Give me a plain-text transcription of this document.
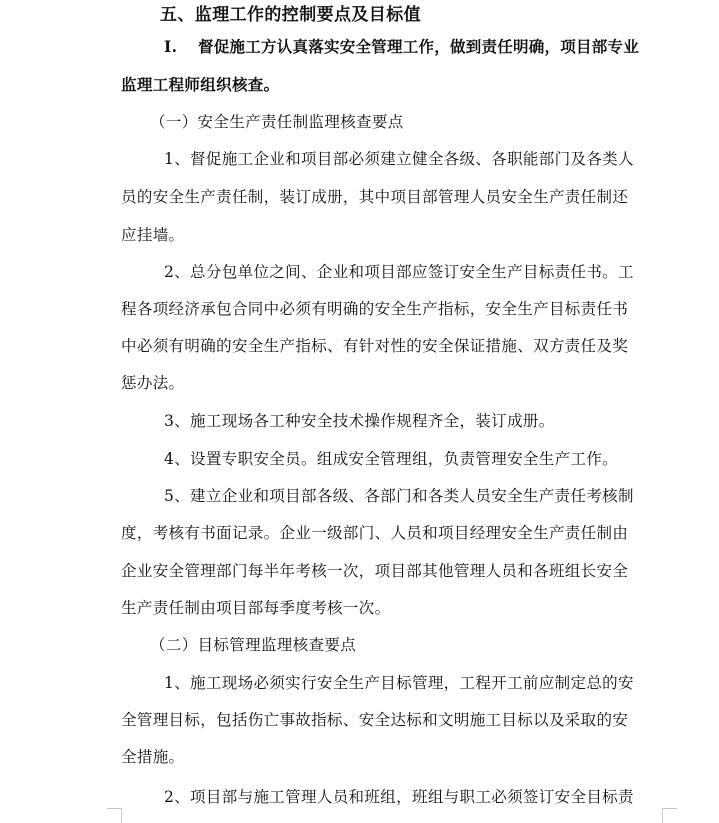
五、监理工作的控制要点及目标值
I. 督促施工方认真落实安全管理工作，做到责任明确，项目部专业
监理工程师组织核查。
（一）安全生产责任制监理核查要点
1、督促施工企业和项目部必须建立健全各级、各职能部门及各类人
员的安全生产责任制，装订成册，其中项目部管理人员安全生产责任制还
应挂墙。
2、总分包单位之间、企业和项目部应签订安全生产目标责任书。工
程各项经济承包合同中必须有明确的安全生产指标，安全生产目标责任书
中必须有明确的安全生产指标、有针对性的安全保证措施、双方责任及奖
惩办法。
3、施工现场各工种安全技术操作规程齐全，装订成册。
4、设置专职安全员。组成安全管理组，负责管理安全生产工作。
5、建立企业和项目部各级、各部门和各类人员安全生产责任考核制
度，考核有书面记录。企业一级部门、人员和项目经理安全生产责任制由
企业安全管理部门每半年考核一次，项目部其他管理人员和各班组长安全
生产责任制由项目部每季度考核一次。
（二）目标管理监理核查要点
1、施工现场必须实行安全生产目标管理，工程开工前应制定总的安
全管理目标，包括伤亡事故指标、安全达标和文明施工目标以及采取的安
全措施。
2、项目部与施工管理人员和班组，班组与职工必须签订安全目标责
